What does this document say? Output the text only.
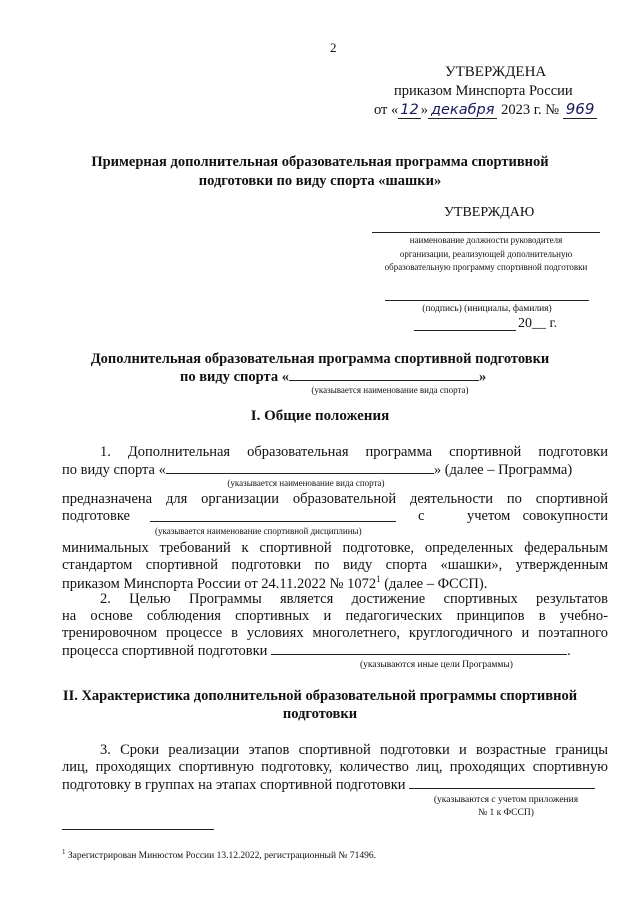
2
УТВЕРЖДЕНА
приказом Минспорта России
от « 12 » декабря 2023 г. № 969
Примерная дополнительная образовательная программа спортивной
подготовки по виду спорта «шашки»
УТВЕРЖДАЮ
наименование должности руководителя
организации, реализующей дополнительную
образовательную программу спортивной подготовки
(подпись) (инициалы, фамилия)
20__ г.
Дополнительная образовательная программа спортивной подготовки
по виду спорта «	»
(указывается наименование вида спорта)
I. Общие положения
1. Дополнительная образовательная программа спортивной подготовки
по виду спорта «	» (далее – Программа)
(указывается наименование вида спорта)
предназначена для организации образовательной деятельности по спортивной
подготовке	с	учетом совокупности
(указывается наименование спортивной дисциплины)
минимальных требований к спортивной подготовке, определенных федеральным
стандартом спортивной подготовки по виду спорта «шашки», утвержденным
приказом Минспорта России от 24.11.2022 № 1072$^1$ (далее – ФССП).
2. Целью Программы является достижение спортивных результатов
на основе соблюдения спортивных и педагогических принципов в учебно-
тренировочном процессе в условиях многолетнего, круглогодичного и поэтапного
процесса спортивной подготовки	.
(указываются иные цели Программы)
II. Характеристика дополнительной образовательной программы спортивной
подготовки
3. Сроки реализации этапов спортивной подготовки и возрастные границы
лиц, проходящих спортивную подготовку, количество лиц, проходящих спортивную
подготовку в группах на этапах спортивной подготовки
(указываются с учетом приложения
№ 1 к ФССП)
$^1$ Зарегистрирован Минюстом России 13.12.2022, регистрационный № 71496.
